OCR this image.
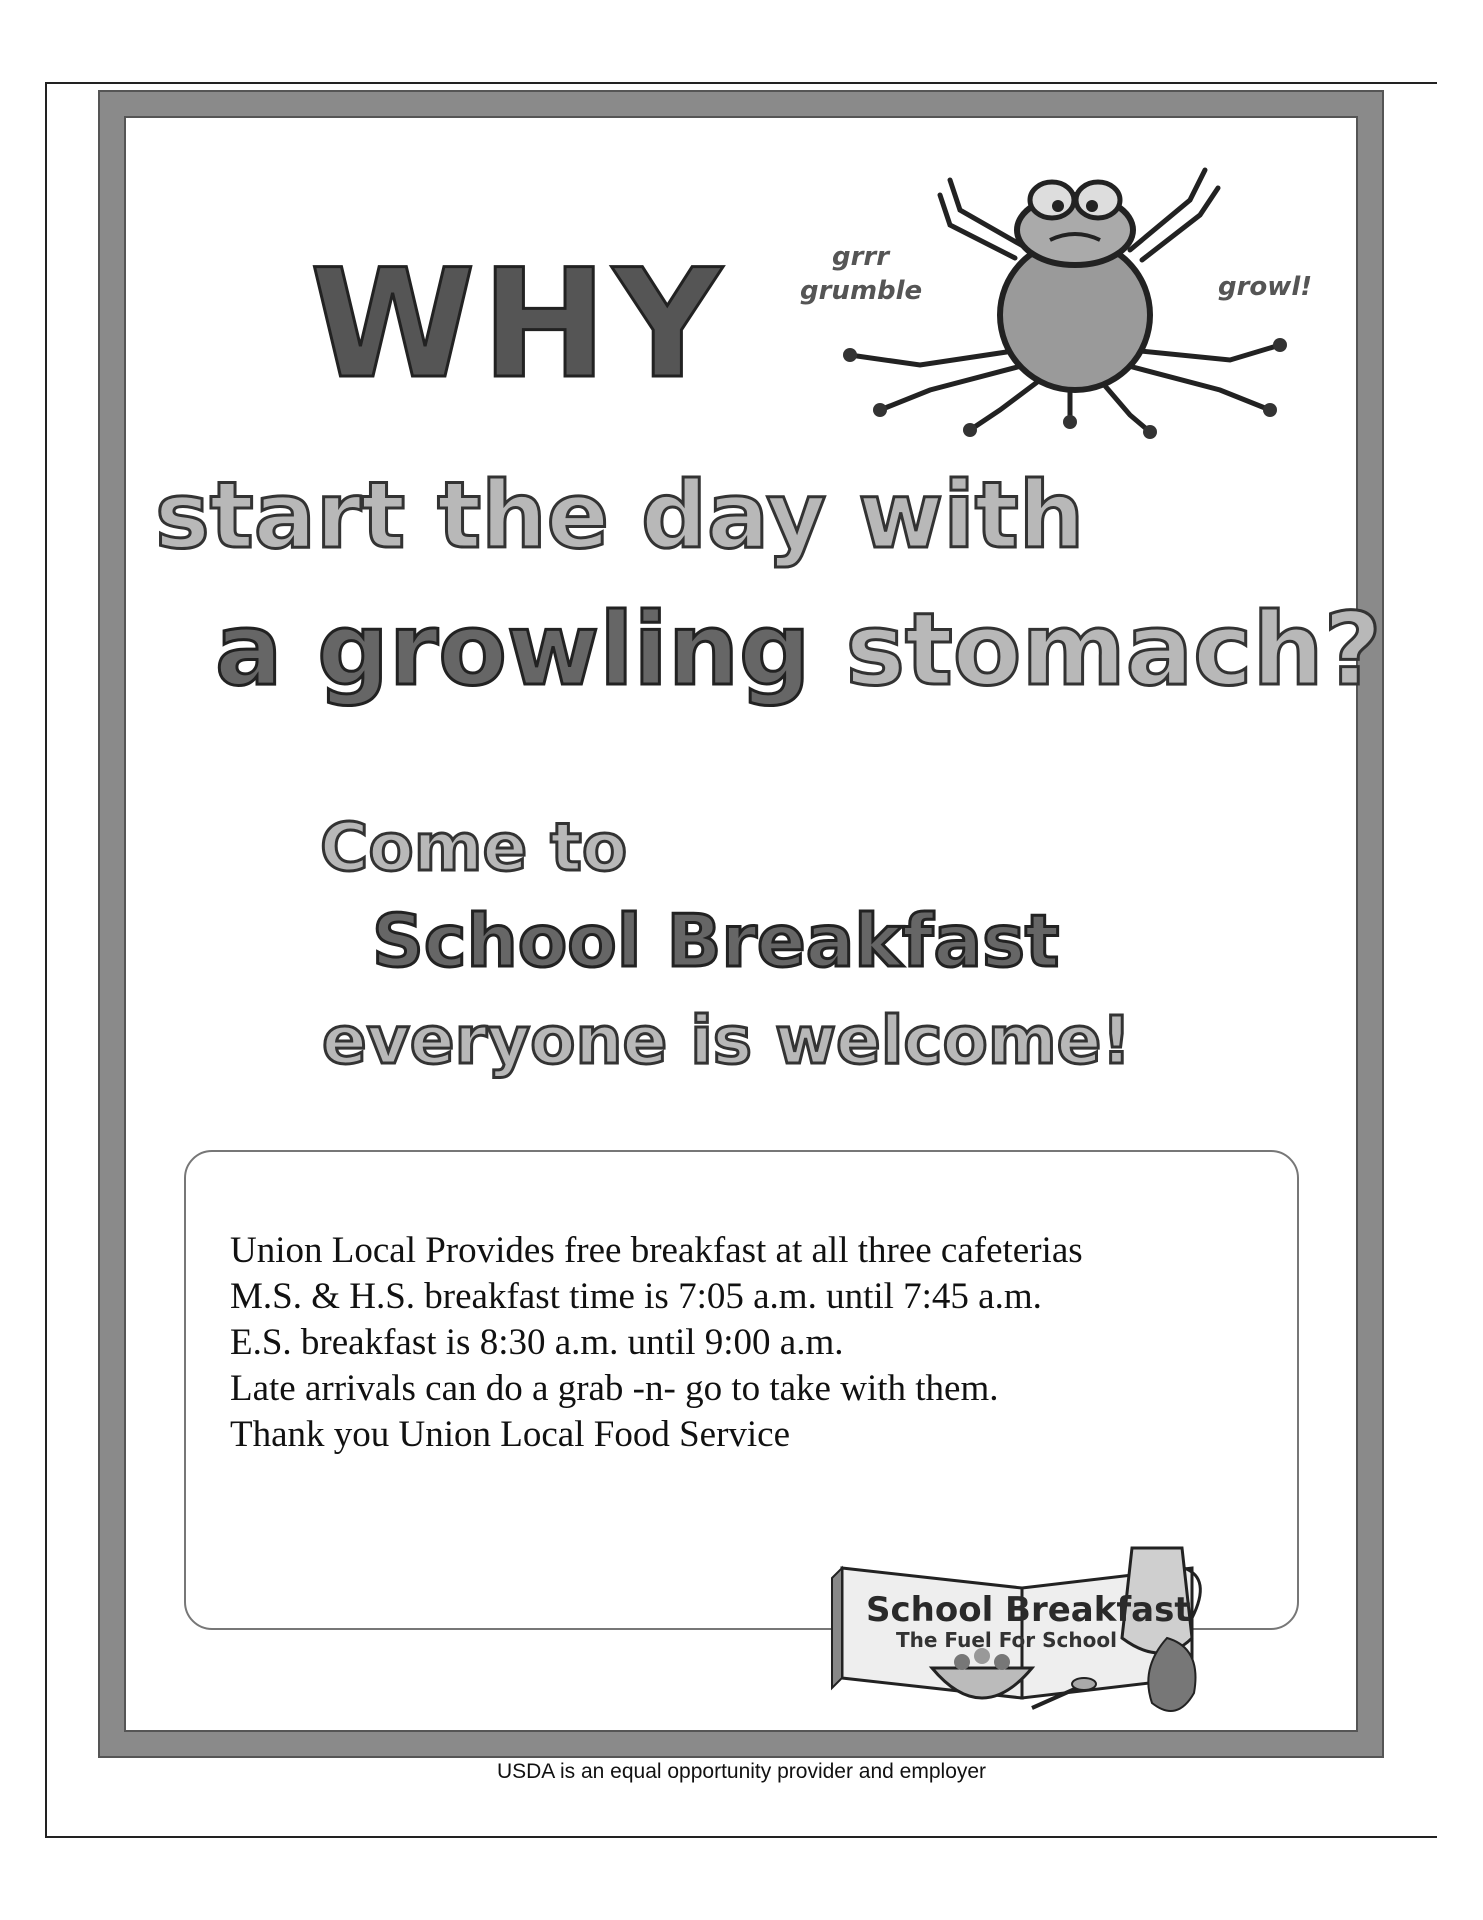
WHY	grrr

grumble	growl!

start the day with

a growling stomach?

Come to

School Breakfast

everyone is welcome!

Union Local Provides free breakfast at all three cafeterias
M.S. & H.S. breakfast time is 7:05 a.m. until 7:45 a.m.
E.S. breakfast is 8:30 a.m. until 9:00 a.m.
Late arrivals can do a grab -n- go to take with them.
Thank you Union Local Food Service

School Breakfast

The Fuel For School

USDA is an equal opportunity provider and employer
